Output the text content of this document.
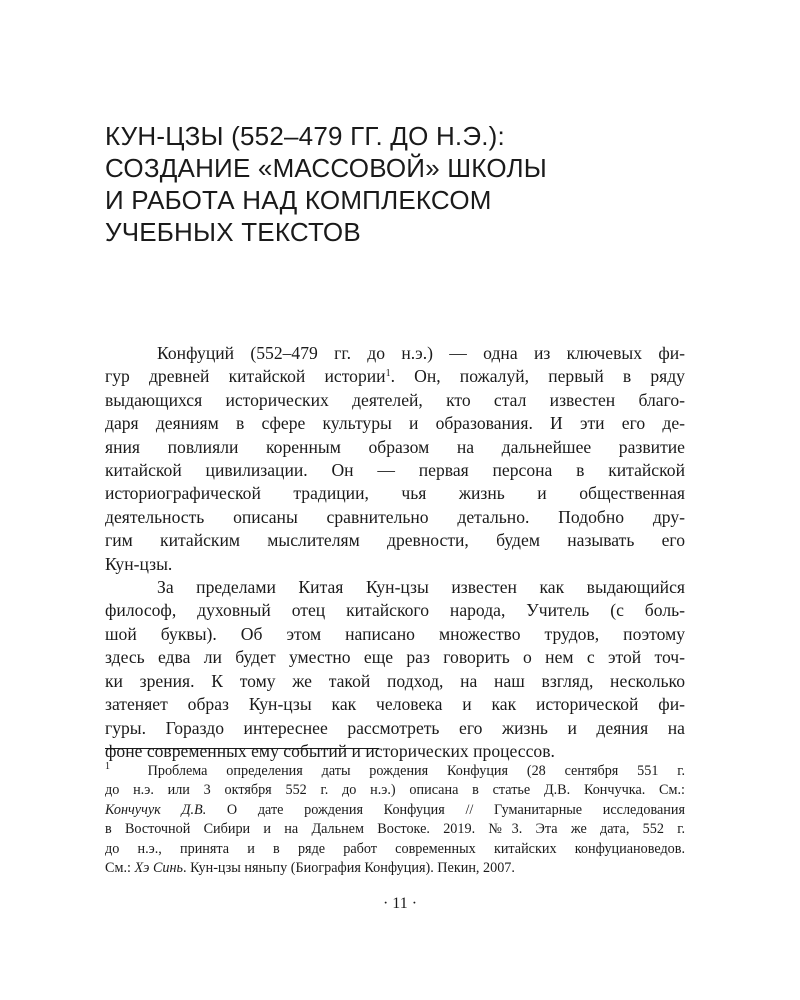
КУН-ЦЗЫ (552–479 ГГ. ДО Н.Э.):
СОЗДАНИЕ «МАССОВОЙ» ШКОЛЫ
И РАБОТА НАД КОМПЛЕКСОМ
УЧЕБНЫХ ТЕКСТОВ

Конфуций (552–479 гг. до н.э.) — одна из ключевых фи-
гур древней китайской истории$^1$. Он, пожалуй, первый в ряду
выдающихся исторических деятелей, кто стал известен благо-
даря деяниям в сфере культуры и образования. И эти его де-
яния повлияли коренным образом на дальнейшее развитие
китайской цивилизации. Он — первая персона в китайской
историографической традиции, чья жизнь и общественная
деятельность описаны сравнительно детально. Подобно дру-
гим китайским мыслителям древности, будем называть его
Кун-цзы.

За пределами Китая Кун-цзы известен как выдающийся
философ, духовный отец китайского народа, Учитель (с боль-
шой буквы). Об этом написано множество трудов, поэтому
здесь едва ли будет уместно еще раз говорить о нем с этой точ-
ки зрения. К тому же такой подход, на наш взгляд, несколько
затеняет образ Кун-цзы как человека и как исторической фи-
гуры. Гораздо интереснее рассмотреть его жизнь и деяния на
фоне современных ему событий и исторических процессов.

$^1$	Проблема определения даты рождения Конфуция (28 сентября 551 г.
до н.э. или 3 октября 552 г. до н.э.) описана в статье Д.В. Кончучка. См.:
Кончучук Д.В. О дате рождения Конфуция // Гуманитарные исследования
в Восточной Сибири и на Дальнем Востоке. 2019. №3. Эта же дата, 552 г.
до н.э., принята и в ряде работ современных китайских конфуциановедов.
См.: Хэ Синь. Кун-цзы няньпу (Биография Конфуция). Пекин, 2007.
· 11 ·
